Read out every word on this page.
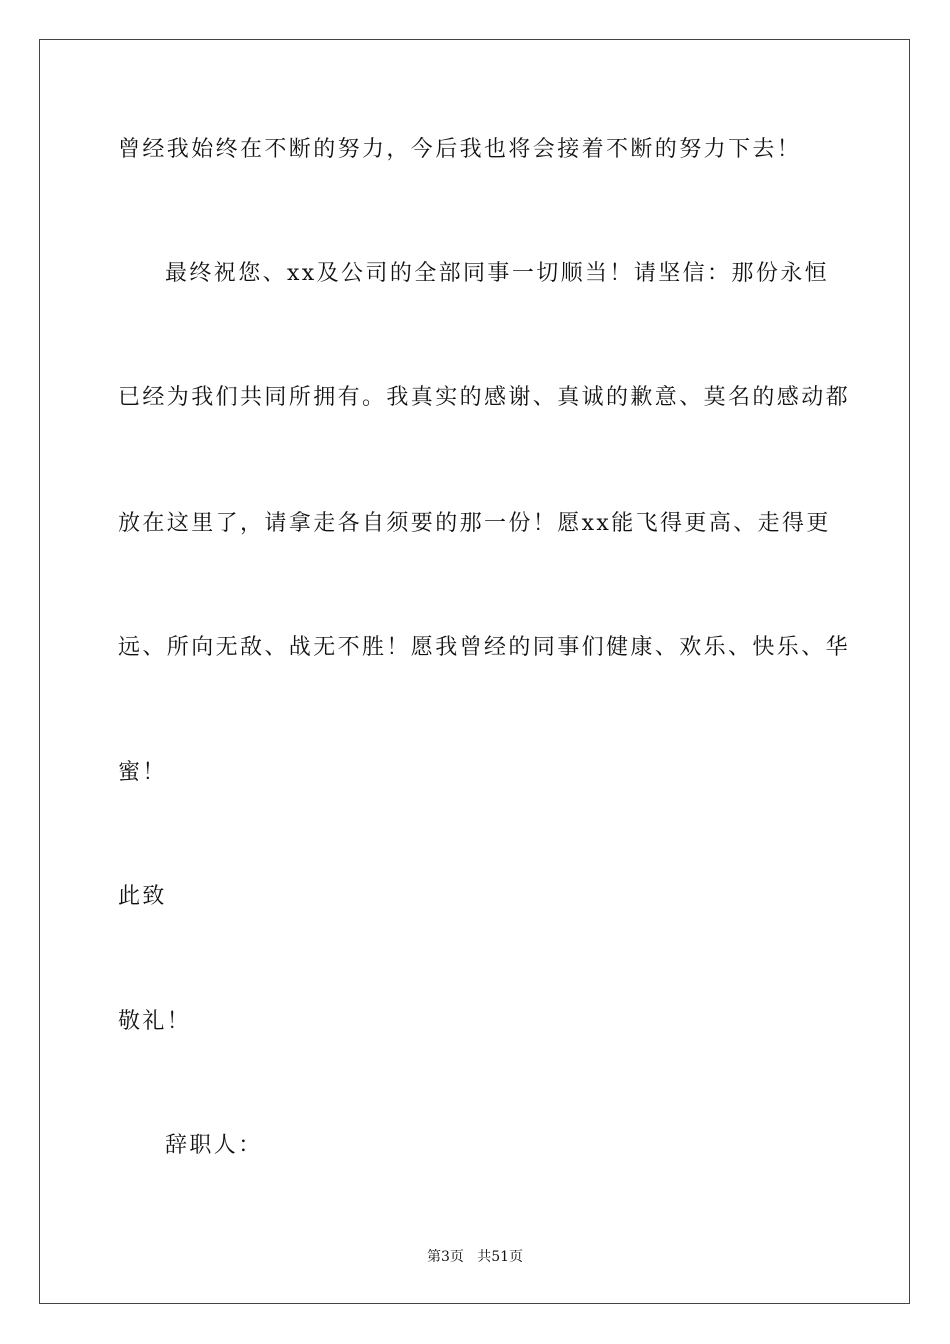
曾经我始终在不断的努力，今后我也将会接着不断的努力下去！
最终祝您、xx及公司的全部同事一切顺当！请坚信：那份永恒
已经为我们共同所拥有。我真实的感谢、真诚的歉意、莫名的感动都
放在这里了，请拿走各自须要的那一份！愿xx能飞得更高、走得更
远、所向无敌、战无不胜！愿我曾经的同事们健康、欢乐、快乐、华
蜜！
此致
敬礼！
辞职人：
第3页   共51页
